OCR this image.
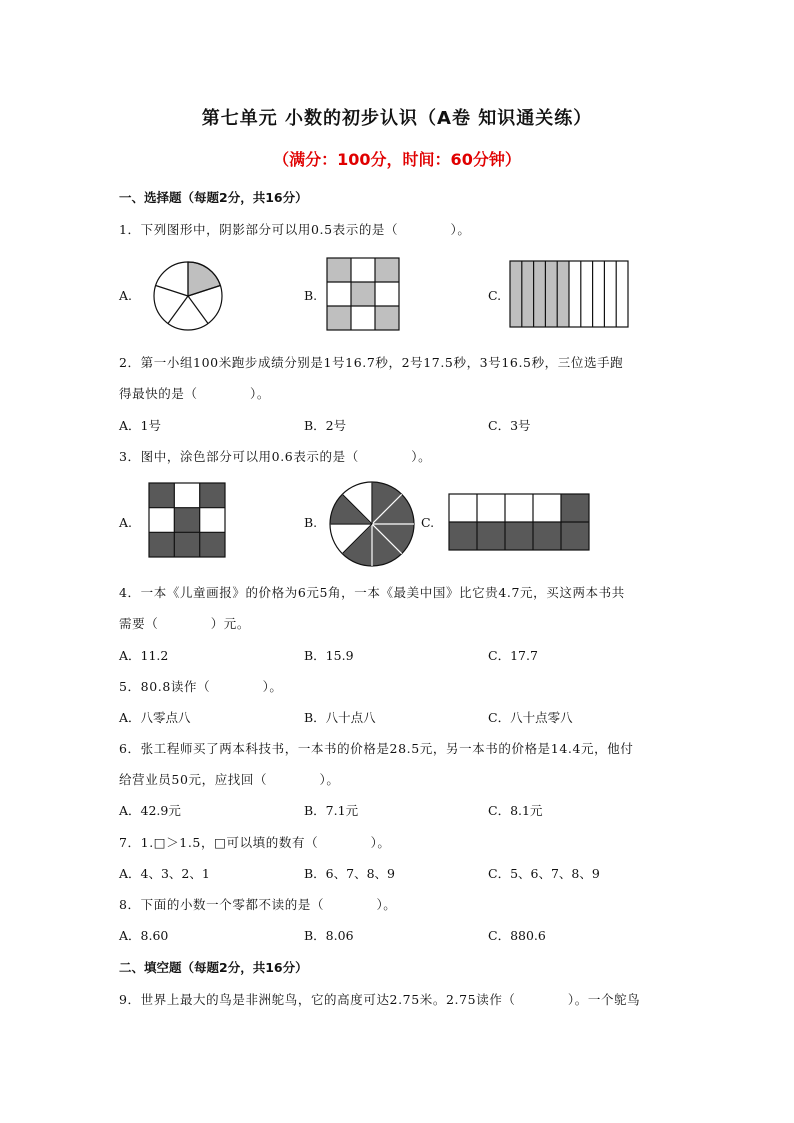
第七单元 小数的初步认识（A卷 知识通关练）
（满分：100分，时间：60分钟）
一、选择题（每题2分，共16分）
1．下列图形中，阴影部分可以用0.5表示的是（　　　　）。
A.	B.	C.
2．第一小组100米跑步成绩分别是1号16.7秒，2号17.5秒，3号16.5秒，三位选手跑
得最快的是（　　　　）。
A．1号	B．2号	C．3号
3．图中，涂色部分可以用0.6表示的是（　　　　）。
A.	B.	C.
4．一本《儿童画报》的价格为6元5角，一本《最美中国》比它贵4.7元，买这两本书共
需要（　　　　）元。
A．11.2	B．15.9	C．17.7
5．80.8读作（　　　　）。
A．八零点八	B．八十点八	C．八十点零八
6．张工程师买了两本科技书，一本书的价格是28.5元，另一本书的价格是14.4元，他付
给营业员50元，应找回（　　　　）。
A．42.9元	B．7.1元	C．8.1元
7．1.□＞1.5，□可以填的数有（　　　　）。
A．4、3、2、1	B．6、7、8、9	C．5、6、7、8、9
8．下面的小数一个零都不读的是（　　　　）。
A．8.60	B．8.06	C．880.6
二、填空题（每题2分，共16分）
9．世界上最大的鸟是非洲鸵鸟，它的高度可达2.75米。2.75读作（　　　　）。一个鸵鸟
